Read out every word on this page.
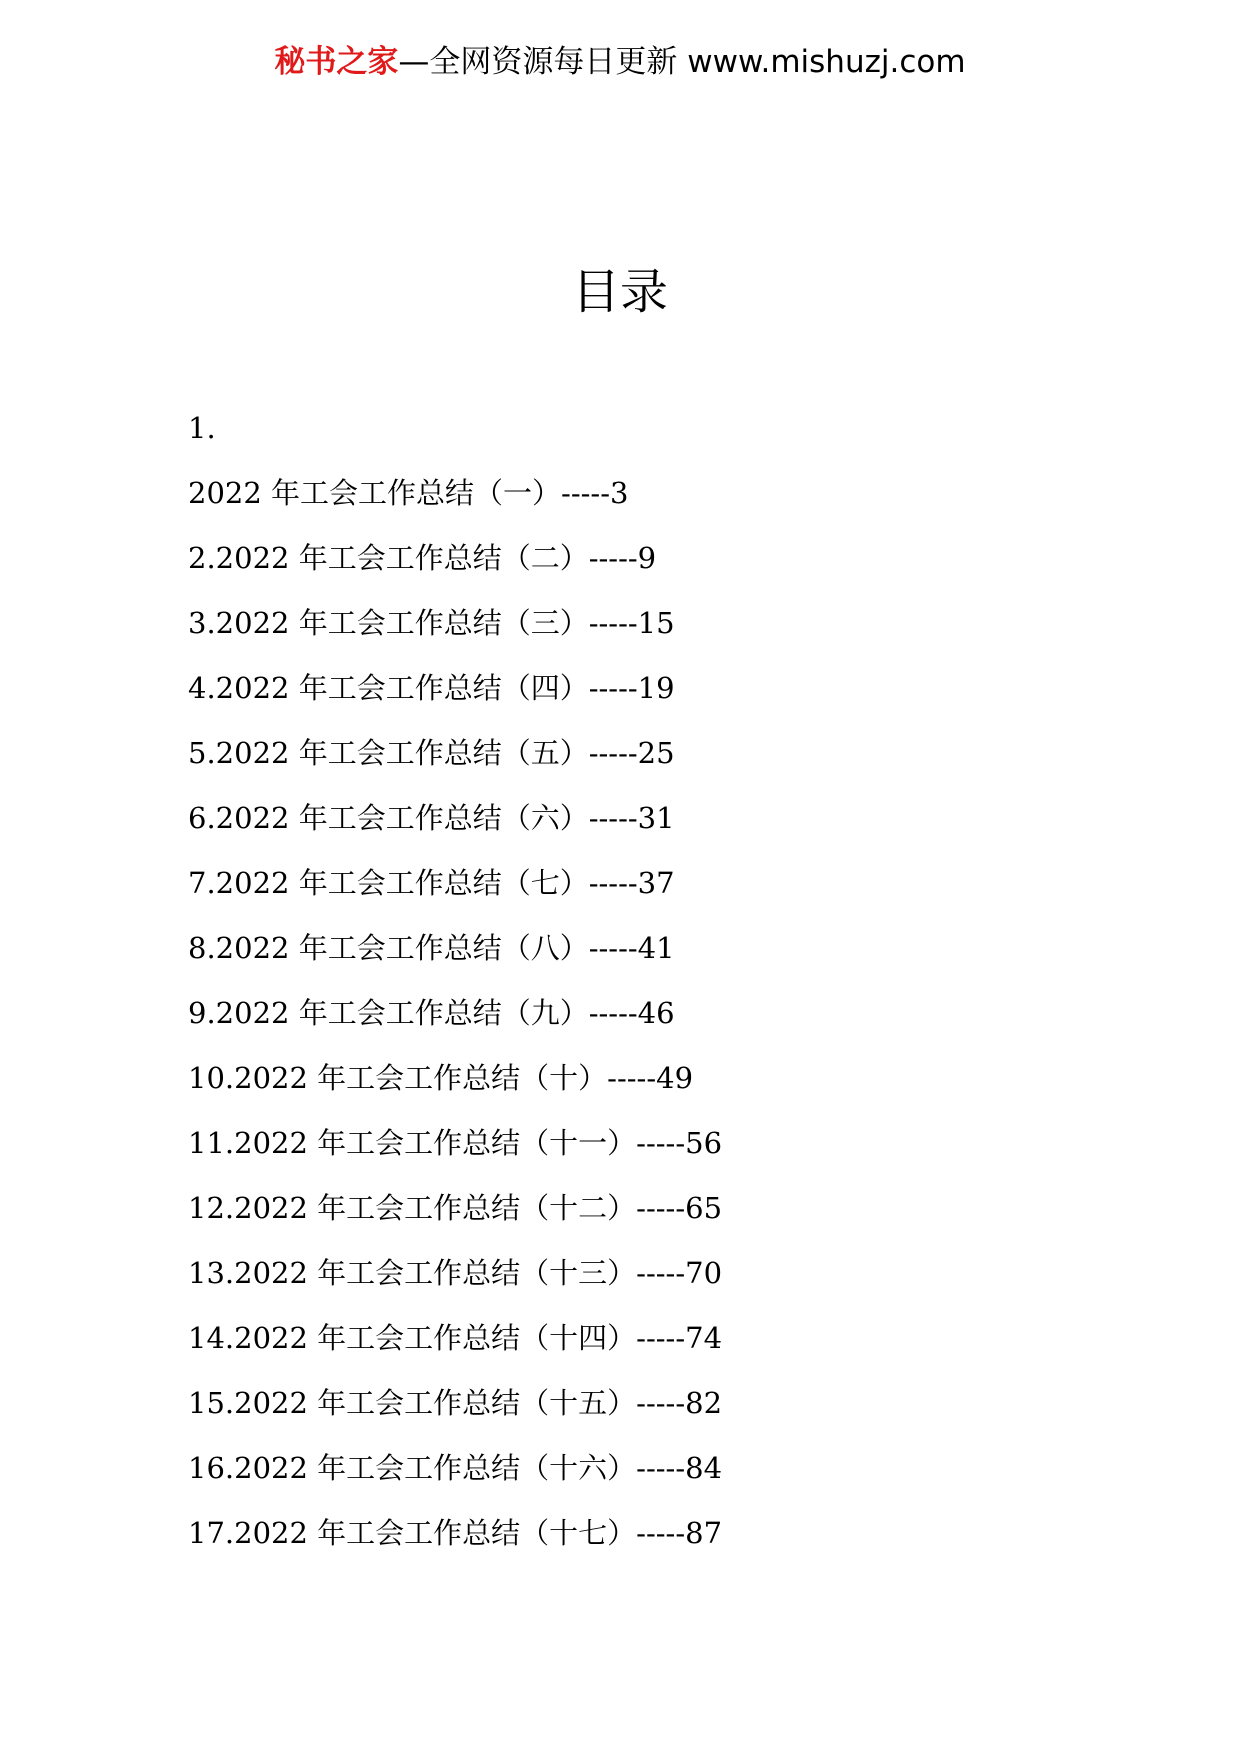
秘书之家—全网资源每日更新 www.mishuzj.com
目录
1.
2022 年工会工作总结（一）-----3
2.2022 年工会工作总结（二）-----9
3.2022 年工会工作总结（三）-----15
4.2022 年工会工作总结（四）-----19
5.2022 年工会工作总结（五）-----25
6.2022 年工会工作总结（六）-----31
7.2022 年工会工作总结（七）-----37
8.2022 年工会工作总结（八）-----41
9.2022 年工会工作总结（九）-----46
10.2022 年工会工作总结（十）-----49
11.2022 年工会工作总结（十一）-----56
12.2022 年工会工作总结（十二）-----65
13.2022 年工会工作总结（十三）-----70
14.2022 年工会工作总结（十四）-----74
15.2022 年工会工作总结（十五）-----82
16.2022 年工会工作总结（十六）-----84
17.2022 年工会工作总结（十七）-----87
